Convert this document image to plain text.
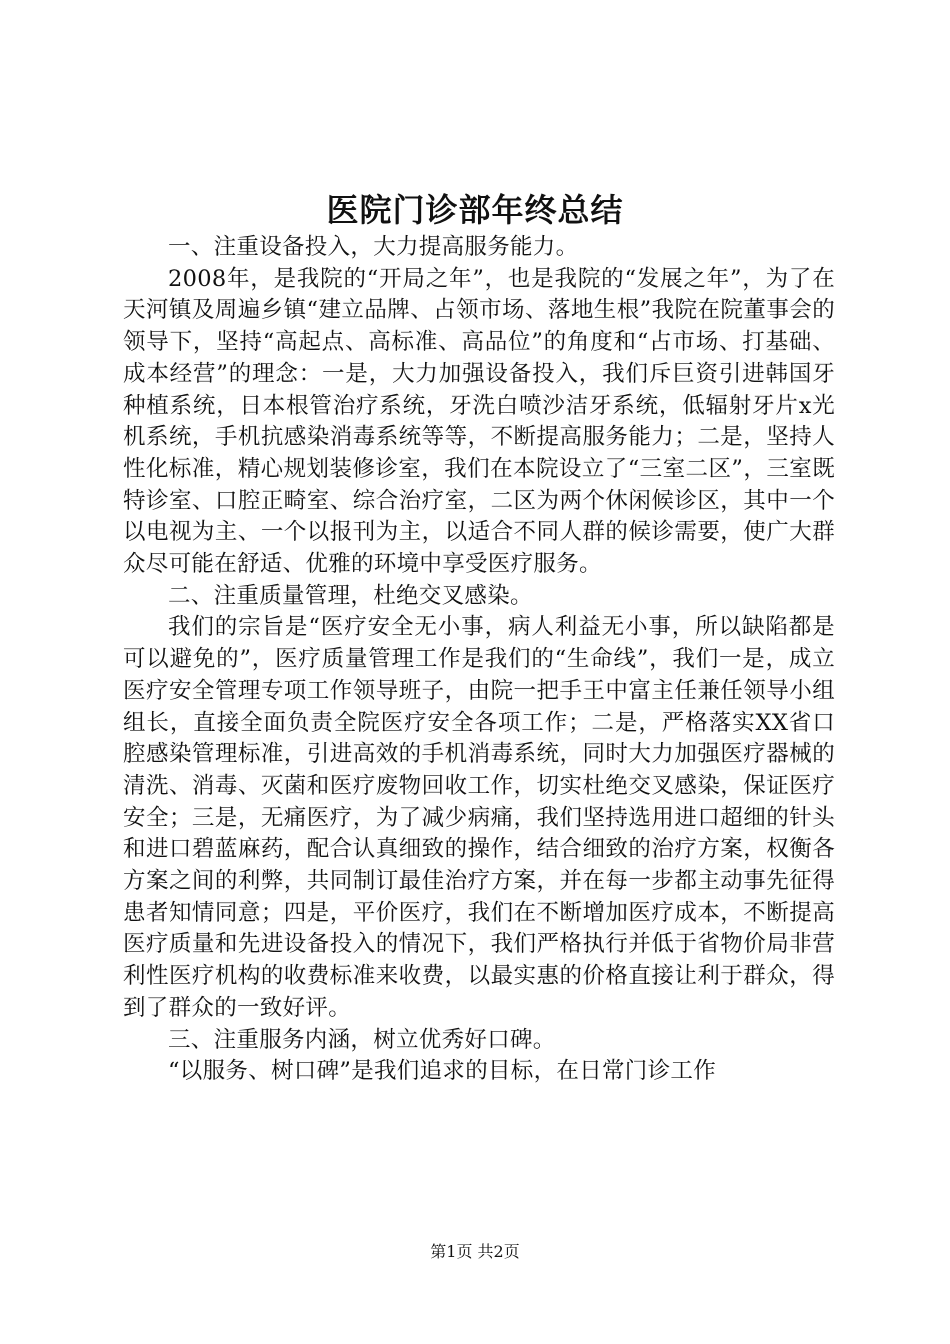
医院门诊部年终总结

一、注重设备投入，大力提高服务能力。

2008年，是我院的“开局之年”，也是我院的“发展之年”，为了在天河镇及周遍乡镇“建立品牌、占领市场、落地生根”我院在院董事会的领导下，坚持“高起点、高标准、高品位”的角度和“占市场、打基础、成本经营”的理念：一是，大力加强设备投入，我们斥巨资引进韩国牙种植系统，日本根管治疗系统，牙洗白喷沙洁牙系统，低辐射牙片x光机系统，手机抗感染消毒系统等等，不断提高服务能力；二是，坚持人性化标准，精心规划装修诊室，我们在本院设立了“三室二区”，三室既特诊室、口腔正畸室、综合治疗室，二区为两个休闲候诊区，其中一个以电视为主、一个以报刊为主，以适合不同人群的候诊需要，使广大群众尽可能在舒适、优雅的环境中享受医疗服务。

二、注重质量管理，杜绝交叉感染。

我们的宗旨是“医疗安全无小事，病人利益无小事，所以缺陷都是可以避免的”，医疗质量管理工作是我们的“生命线”，我们一是，成立医疗安全管理专项工作领导班子，由院一把手王中富主任兼任领导小组组长，直接全面负责全院医疗安全各项工作；二是，严格落实XX省口腔感染管理标准，引进高效的手机消毒系统，同时大力加强医疗器械的清洗、消毒、灭菌和医疗废物回收工作，切实杜绝交叉感染，保证医疗安全；三是，无痛医疗，为了减少病痛，我们坚持选用进口超细的针头和进口碧蓝麻药，配合认真细致的操作，结合细致的治疗方案，权衡各方案之间的利弊，共同制订最佳治疗方案，并在每一步都主动事先征得患者知情同意；四是，平价医疗，我们在不断增加医疗成本，不断提高医疗质量和先进设备投入的情况下，我们严格执行并低于省物价局非营利性医疗机构的收费标准来收费，以最实惠的价格直接让利于群众，得到了群众的一致好评。

三、注重服务内涵，树立优秀好口碑。

“以服务、树口碑”是我们追求的目标，在日常门诊工作

第1页 共2页
